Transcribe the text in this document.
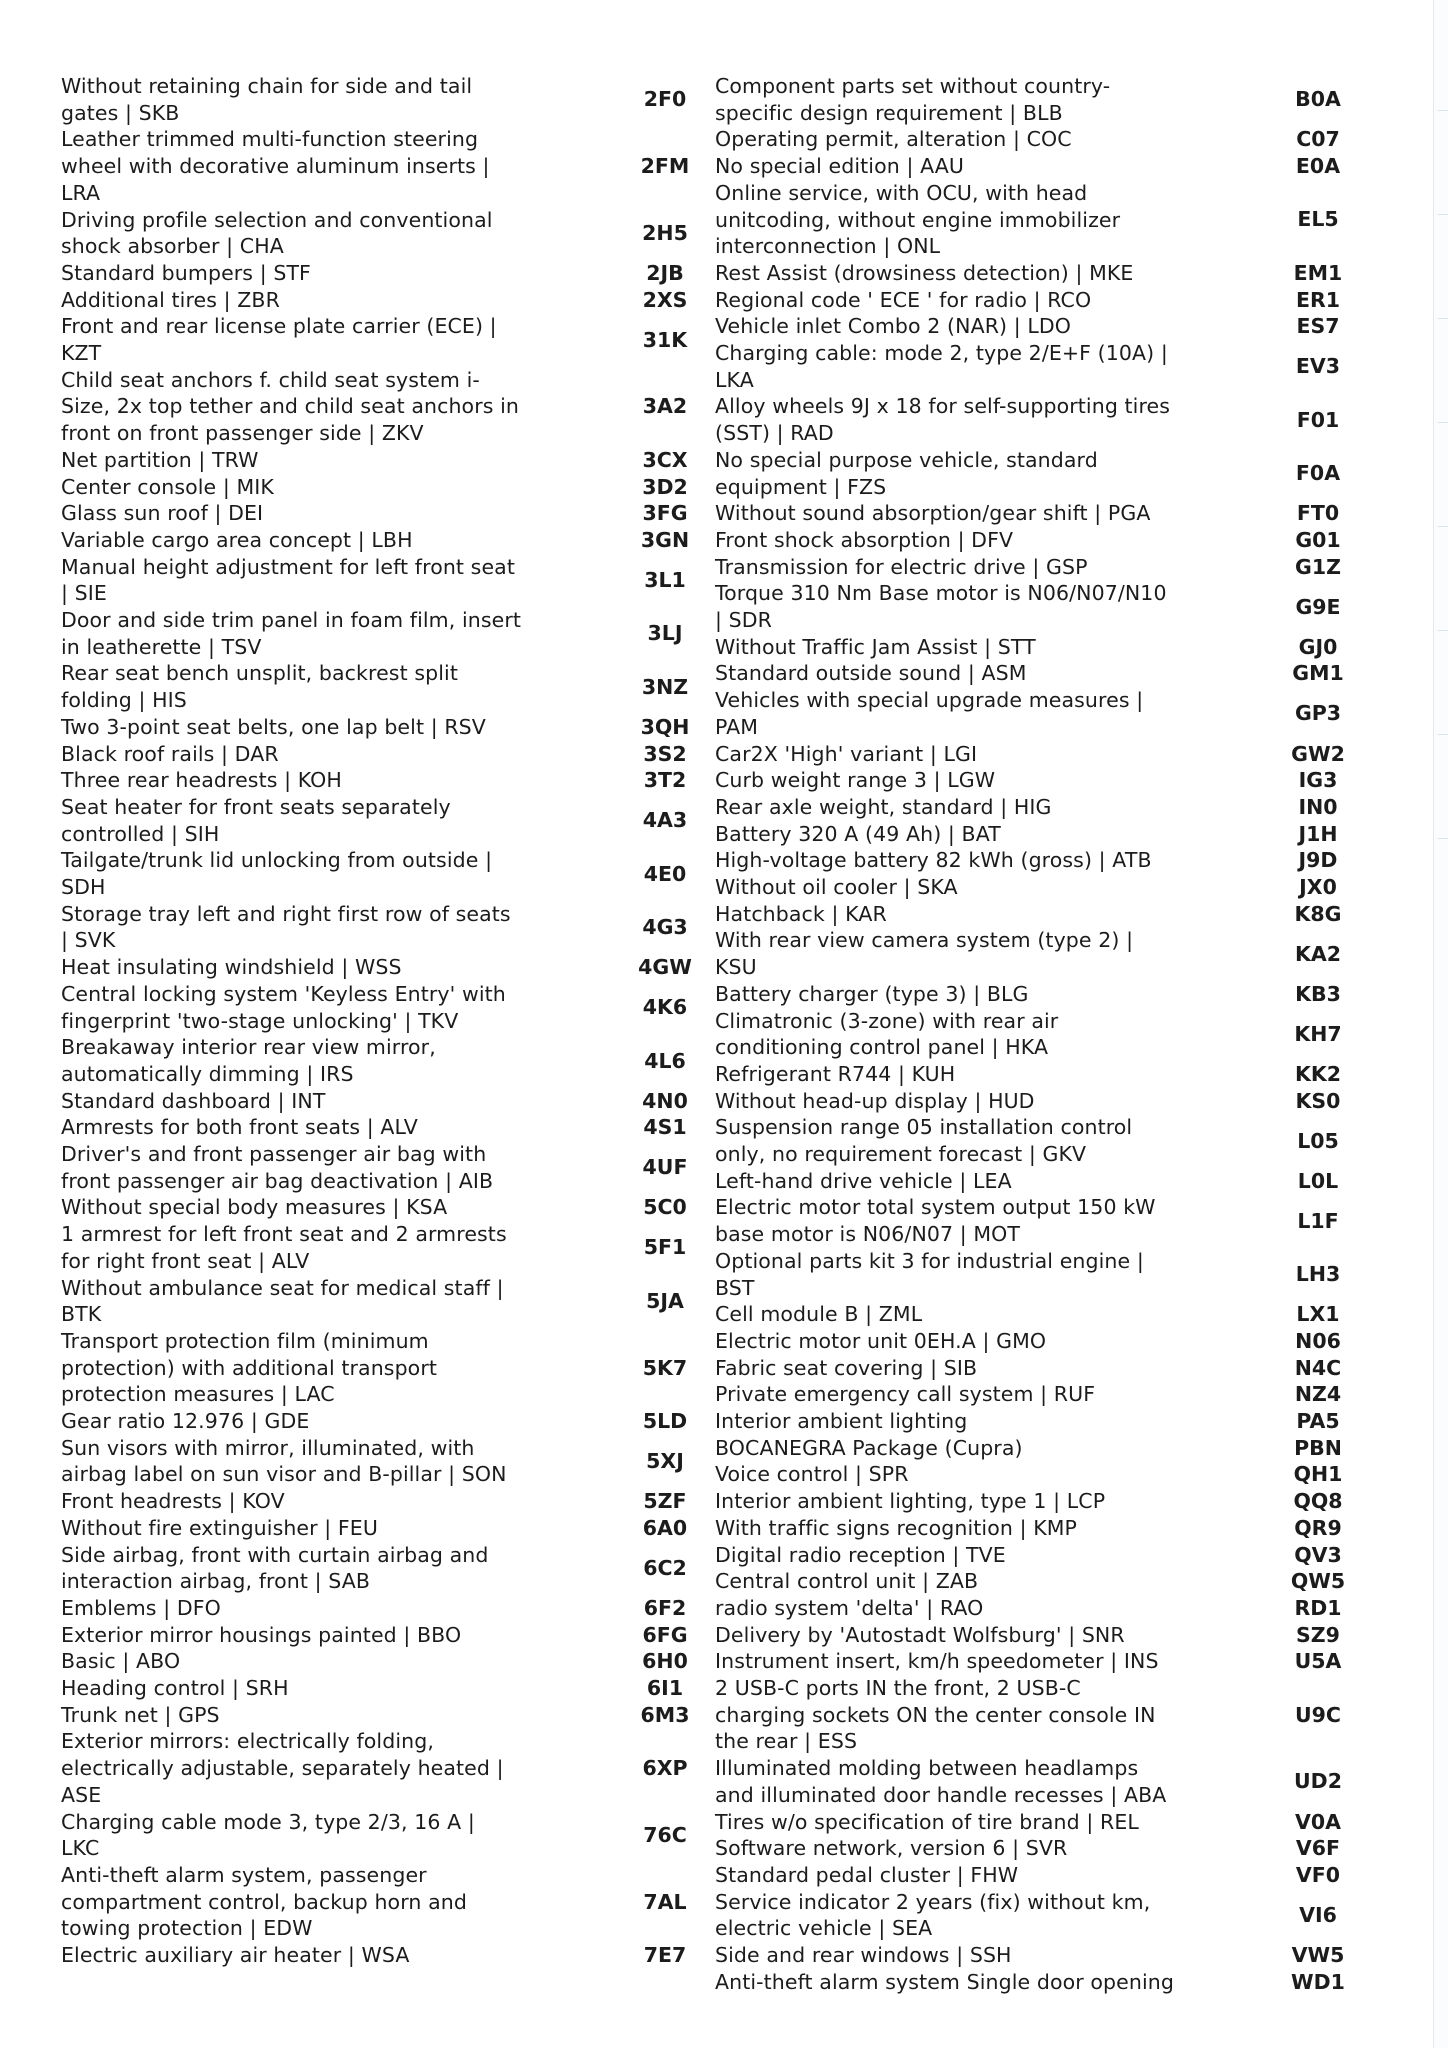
Without retaining chain for side and tail
gates | SKB
Leather trimmed multi-function steering
wheel with decorative aluminum inserts |
LRA
Driving profile selection and conventional
shock absorber | CHA
Standard bumpers | STF
Additional tires | ZBR
Front and rear license plate carrier (ECE) |
KZT
Child seat anchors f. child seat system i-
Size, 2x top tether and child seat anchors in
front on front passenger side | ZKV
Net partition | TRW
Center console | MIK
Glass sun roof | DEI
Variable cargo area concept | LBH
Manual height adjustment for left front seat
| SIE
Door and side trim panel in foam film, insert
in leatherette | TSV
Rear seat bench unsplit, backrest split
folding | HIS
Two 3-point seat belts, one lap belt | RSV
Black roof rails | DAR
Three rear headrests | KOH
Seat heater for front seats separately
controlled | SIH
Tailgate/trunk lid unlocking from outside |
SDH
Storage tray left and right first row of seats
| SVK
Heat insulating windshield | WSS
Central locking system 'Keyless Entry' with
fingerprint 'two-stage unlocking' | TKV
Breakaway interior rear view mirror,
automatically dimming | IRS
Standard dashboard | INT
Armrests for both front seats | ALV
Driver's and front passenger air bag with
front passenger air bag deactivation | AIB
Without special body measures | KSA
1 armrest for left front seat and 2 armrests
for right front seat | ALV
Without ambulance seat for medical staff |
BTK
Transport protection film (minimum
protection) with additional transport
protection measures | LAC
Gear ratio 12.976 | GDE
Sun visors with mirror, illuminated, with
airbag label on sun visor and B-pillar | SON
Front headrests | KOV
Without fire extinguisher | FEU
Side airbag, front with curtain airbag and
interaction airbag, front | SAB
Emblems | DFO
Exterior mirror housings painted | BBO
Basic | ABO
Heading control | SRH
Trunk net | GPS
Exterior mirrors: electrically folding,
electrically adjustable, separately heated |
ASE
Charging cable mode 3, type 2/3, 16 A |
LKC
Anti-theft alarm system, passenger
compartment control, backup horn and
towing protection | EDW
Electric auxiliary air heater | WSA
2F0
2FM
2H5
2JB
2XS
31K
3A2
3CX
3D2
3FG
3GN
3L1
3LJ
3NZ
3QH
3S2
3T2
4A3
4E0
4G3
4GW
4K6
4L6
4N0
4S1
4UF
5C0
5F1
5JA
5K7
5LD
5XJ
5ZF
6A0
6C2
6F2
6FG
6H0
6I1
6M3
6XP
76C
7AL
7E7
Component parts set without country-
specific design requirement | BLB
Operating permit, alteration | COC
No special edition | AAU
Online service, with OCU, with head
unitcoding, without engine immobilizer
interconnection | ONL
Rest Assist (drowsiness detection) | MKE
Regional code ' ECE ' for radio | RCO
Vehicle inlet Combo 2 (NAR) | LDO
Charging cable: mode 2, type 2/E+F (10A) |
LKA
Alloy wheels 9J x 18 for self-supporting tires
(SST) | RAD
No special purpose vehicle, standard
equipment | FZS
Without sound absorption/gear shift | PGA
Front shock absorption | DFV
Transmission for electric drive | GSP
Torque 310 Nm Base motor is N06/N07/N10
| SDR
Without Traffic Jam Assist | STT
Standard outside sound | ASM
Vehicles with special upgrade measures |
PAM
Car2X 'High' variant | LGI
Curb weight range 3 | LGW
Rear axle weight, standard | HIG
Battery 320 A (49 Ah) | BAT
High-voltage battery 82 kWh (gross) | ATB
Without oil cooler | SKA
Hatchback | KAR
With rear view camera system (type 2) |
KSU
Battery charger (type 3) | BLG
Climatronic (3-zone) with rear air
conditioning control panel | HKA
Refrigerant R744 | KUH
Without head-up display | HUD
Suspension range 05 installation control
only, no requirement forecast | GKV
Left-hand drive vehicle | LEA
Electric motor total system output 150 kW
base motor is N06/N07 | MOT
Optional parts kit 3 for industrial engine |
BST
Cell module B | ZML
Electric motor unit 0EH.A | GMO
Fabric seat covering | SIB
Private emergency call system | RUF
Interior ambient lighting
BOCANEGRA Package (Cupra)
Voice control | SPR
Interior ambient lighting, type 1 | LCP
With traffic signs recognition | KMP
Digital radio reception | TVE
Central control unit | ZAB
radio system 'delta' | RAO
Delivery by 'Autostadt Wolfsburg' | SNR
Instrument insert, km/h speedometer | INS
2 USB-C ports IN the front, 2 USB-C
charging sockets ON the center console IN
the rear | ESS
Illuminated molding between headlamps
and illuminated door handle recesses | ABA
Tires w/o specification of tire brand | REL
Software network, version 6 | SVR
Standard pedal cluster | FHW
Service indicator 2 years (fix) without km,
electric vehicle | SEA
Side and rear windows | SSH
Anti-theft alarm system Single door opening
B0A
C07
E0A
EL5
EM1
ER1
ES7
EV3
F01
F0A
FT0
G01
G1Z
G9E
GJ0
GM1
GP3
GW2
IG3
IN0
J1H
J9D
JX0
K8G
KA2
KB3
KH7
KK2
KS0
L05
L0L
L1F
LH3
LX1
N06
N4C
NZ4
PA5
PBN
QH1
QQ8
QR9
QV3
QW5
RD1
SZ9
U5A
U9C
UD2
V0A
V6F
VF0
VI6
VW5
WD1
